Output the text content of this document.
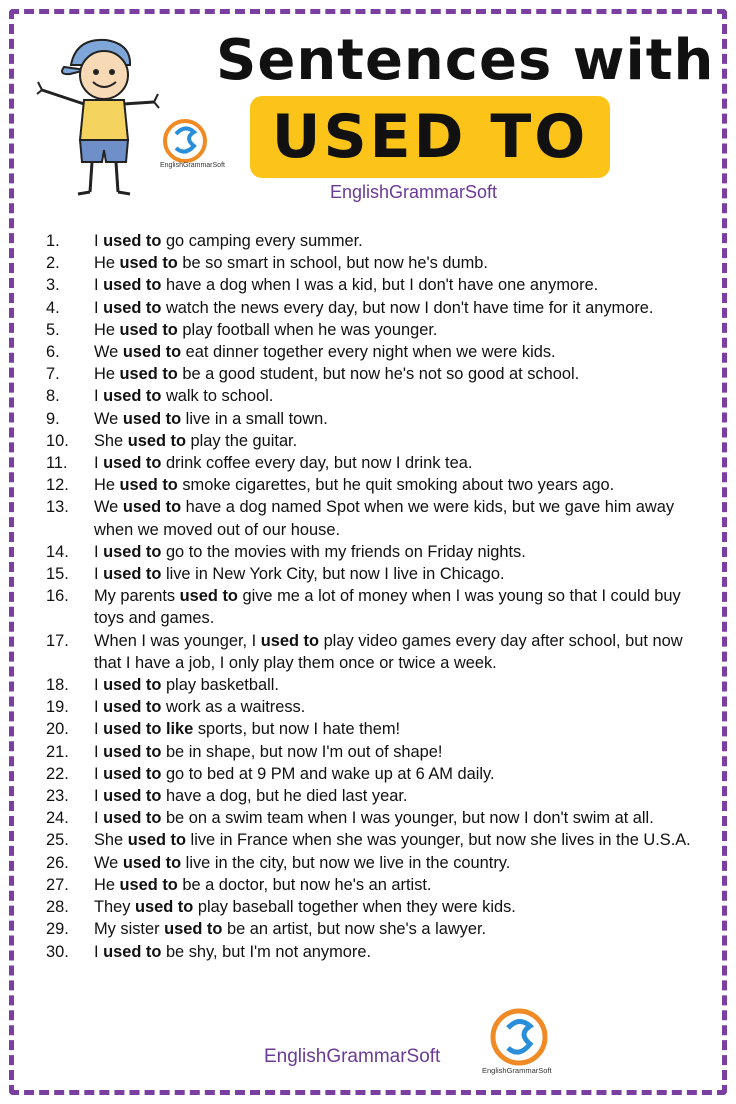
EnglishGrammarSoft
Sentences with
USED TO
EnglishGrammarSoft
1.	I used to go camping every summer.
2.	He used to be so smart in school, but now he's dumb.
3.	I used to have a dog when I was a kid, but I don't have one anymore.
4.	I used to watch the news every day, but now I don't have time for it anymore.
5.	He used to play football when he was younger.
6.	We used to eat dinner together every night when we were kids.
7.	He used to be a good student, but now he's not so good at school.
8.	I used to walk to school.
9.	We used to live in a small town.
10.	She used to play the guitar.
11.	I used to drink coffee every day, but now I drink tea.
12.	He used to smoke cigarettes, but he quit smoking about two years ago.
13.	We used to have a dog named Spot when we were kids, but we gave him away when we moved out of our house.
14.	I used to go to the movies with my friends on Friday nights.
15.	I used to live in New York City, but now I live in Chicago.
16.	My parents used to give me a lot of money when I was young so that I could buy toys and games.
17.	When I was younger, I used to play video games every day after school, but now that I have a job, I only play them once or twice a week.
18.	I used to play basketball.
19.	I used to work as a waitress.
20.	I used to like sports, but now I hate them!
21.	I used to be in shape, but now I'm out of shape!
22.	I used to go to bed at 9 PM and wake up at 6 AM daily.
23.	I used to have a dog, but he died last year.
24.	I used to be on a swim team when I was younger, but now I don't swim at all.
25.	She used to live in France when she was younger, but now she lives in the U.S.A.
26.	We used to live in the city, but now we live in the country.
27.	He used to be a doctor, but now he's an artist.
28.	They used to play baseball together when they were kids.
29.	My sister used to be an artist, but now she's a lawyer.
30.	I used to be shy, but I'm not anymore.
EnglishGrammarSoft
EnglishGrammarSoft
